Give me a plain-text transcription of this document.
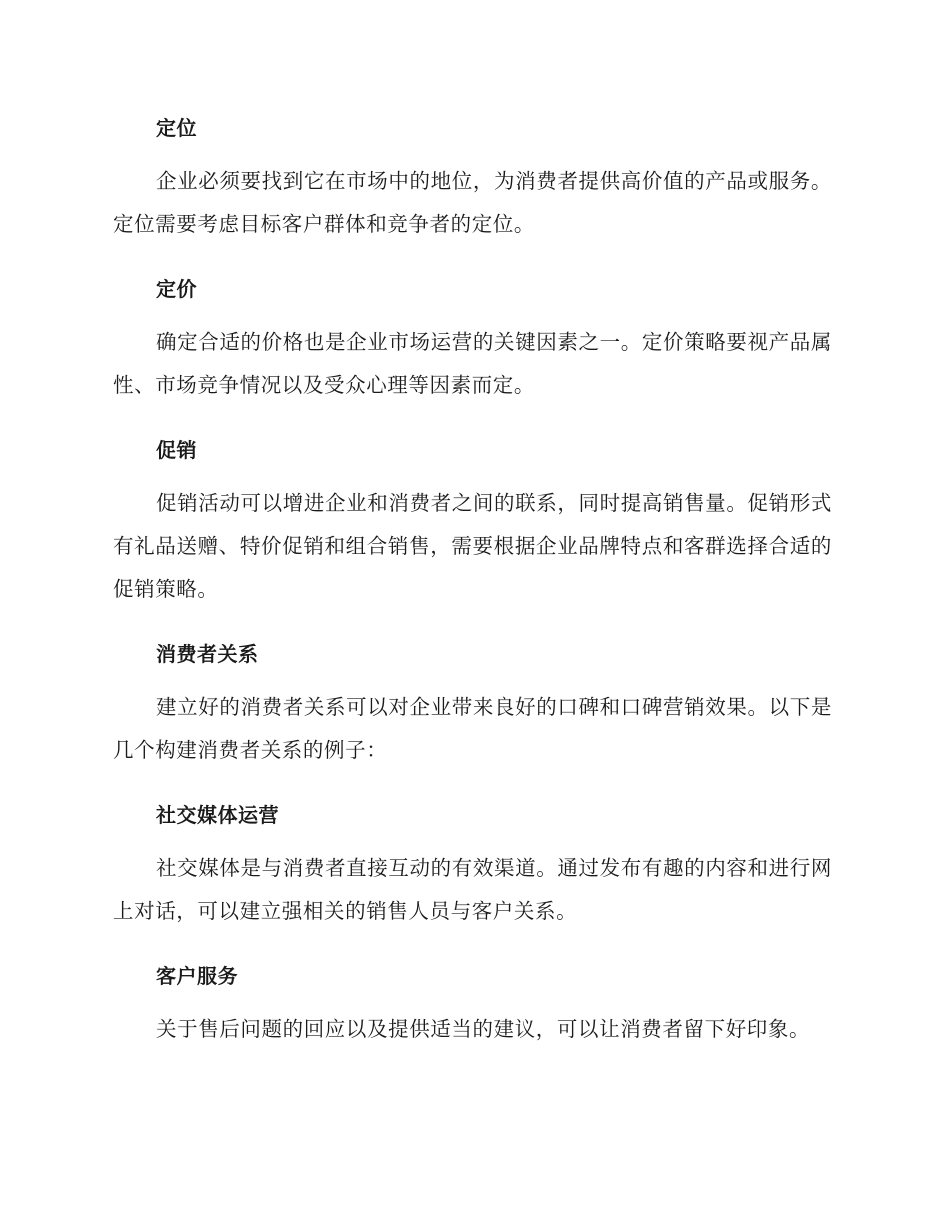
定位

企业必须要找到它在市场中的地位，为消费者提供高价值的产品或服务。定位需要考虑目标客户群体和竞争者的定位。

定价

确定合适的价格也是企业市场运营的关键因素之一。定价策略要视产品属性、市场竞争情况以及受众心理等因素而定。

促销

促销活动可以增进企业和消费者之间的联系，同时提高销售量。促销形式有礼品送赠、特价促销和组合销售，需要根据企业品牌特点和客群选择合适的促销策略。

消费者关系

建立好的消费者关系可以对企业带来良好的口碑和口碑营销效果。以下是几个构建消费者关系的例子：

社交媒体运营

社交媒体是与消费者直接互动的有效渠道。通过发布有趣的内容和进行网上对话，可以建立强相关的销售人员与客户关系。

客户服务

关于售后问题的回应以及提供适当的建议，可以让消费者留下好印象。
